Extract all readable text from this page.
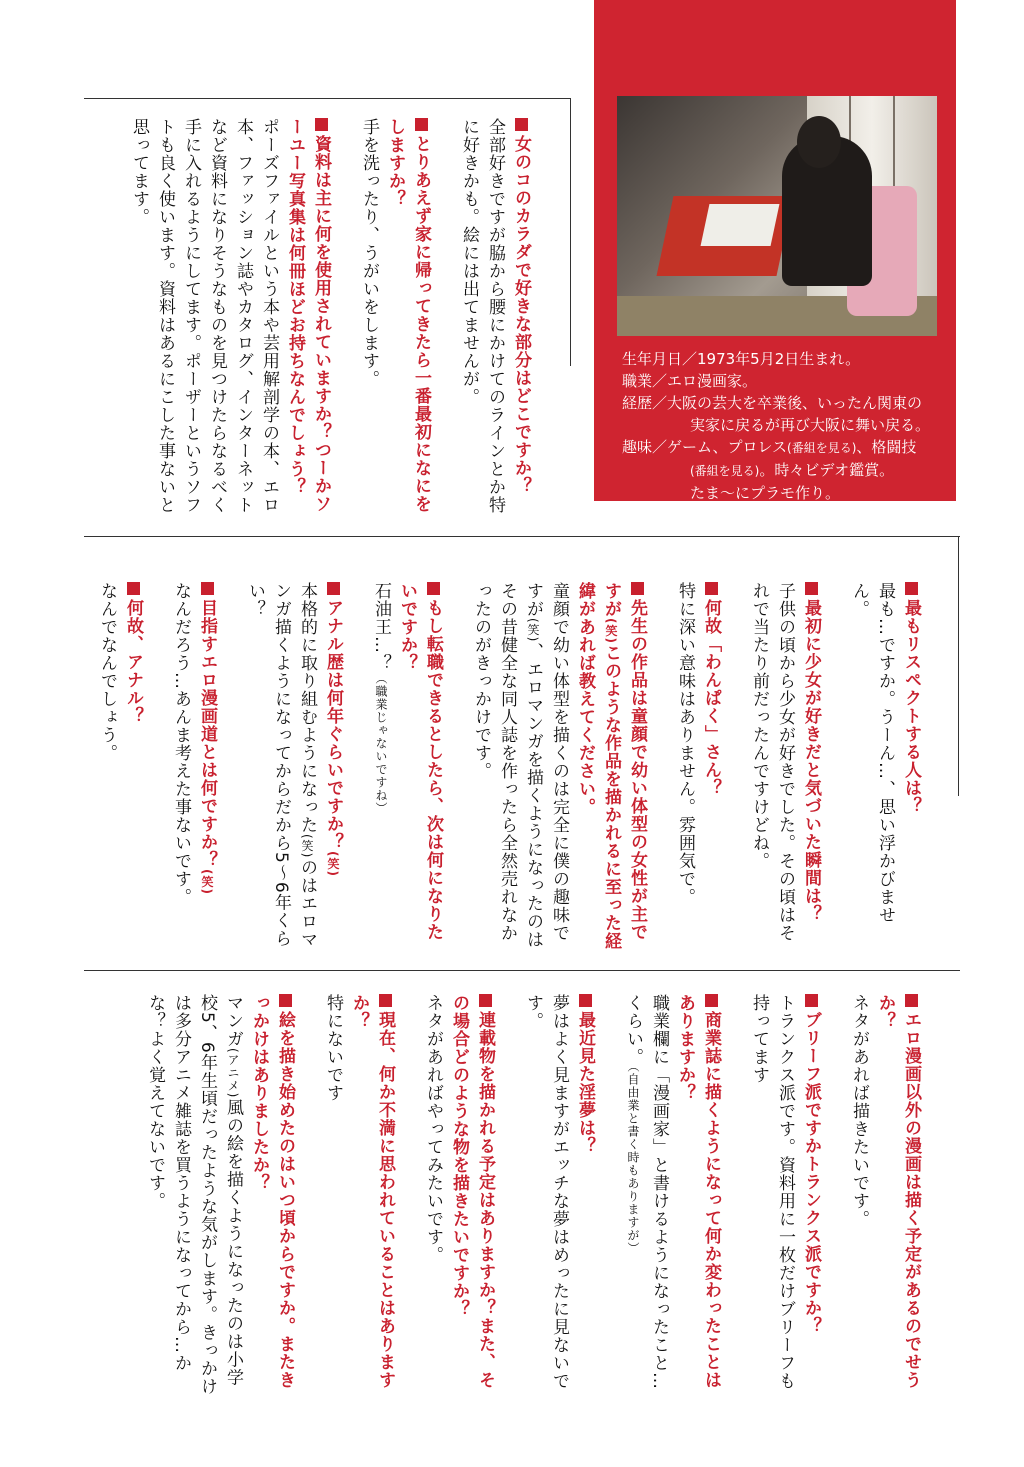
女のコのカラダで好きな部分はどこですか？

全部好きですが脇から腰にかけてのラインとか特に好きかも。絵には出てませんが。

とりあえず家に帰ってきたら一番最初になにをしますか？

手を洗ったり、うがいをします。

資料は主に何を使用されていますか？つーかソーユー写真集は何冊ほどお持ちなんでしょう？

ポーズファイルという本や芸用解剖学の本、エロ本、ファッション誌やカタログ、インターネットなど資料になりそうなものを見つけたらなるべく手に入れるようにしてます。ポーザーというソフトも良く使います。資料はあるにこした事ないと思ってます。

生年月日／1973年5月2日生まれ。

職業／エロ漫画家。

経歴／大阪の芸大を卒業後、いったん関東の

実家に戻るが再び大阪に舞い戻る。

趣味／ゲーム、プロレス(番組を見る)、格闘技

(番組を見る)。時々ビデオ鑑賞。

たま〜にプラモ作り。

最もリスペクトする人は？

最も…ですか。うーん…、思い浮かびません。

最初に少女が好きだと気づいた瞬間は？

子供の頃から少女が好きでした。その頃はそれで当たり前だったんですけどね。

何故「わんぱく」さん？

特に深い意味はありません。雰囲気で。

先生の作品は童顔で幼い体型の女性が主ですが(笑)このような作品を描かれるに至った経緯があれば教えてください。

童顔で幼い体型を描くのは完全に僕の趣味ですが(笑)、エロマンガを描くようになったのはその昔健全な同人誌を作ったら全然売れなかったのがきっかけです。

もし転職できるとしたら、次は何になりたいですか？

石油王…？（職業じゃないですね）

アナル歴は何年ぐらいですか？(笑)

本格的に取り組むようになった(笑)のはエロマンガ描くようになってからだから5〜6年くらい？

目指すエロ漫画道とは何ですか？(笑)

なんだろう…あんま考えた事ないです。

何故、アナル？

なんでなんでしょう。

エロ漫画以外の漫画は描く予定があるのでせうか？

ネタがあれば描きたいです。

ブリーフ派ですかトランクス派ですか？

トランクス派です。資料用に一枚だけブリーフも持ってます

商業誌に描くようになって何か変わったことはありますか？

職業欄に「漫画家」と書けるようになったこと…くらい。（自由業と書く時もありますが）

最近見た淫夢は？

夢はよく見ますがエッチな夢はめったに見ないです。

連載物を描かれる予定はありますか？また、その場合どのような物を描きたいですか？

ネタがあればやってみたいです。

現在、何か不満に思われていることはありますか？

特にないです

絵を描き始めたのはいつ頃からですか。またきっかけはありましたか？

マンガ(アニメ)風の絵を描くようになったのは小学校5、6年生頃だったような気がします。きっかけは多分アニメ雑誌を買うようになってから…かな？よく覚えてないです。
